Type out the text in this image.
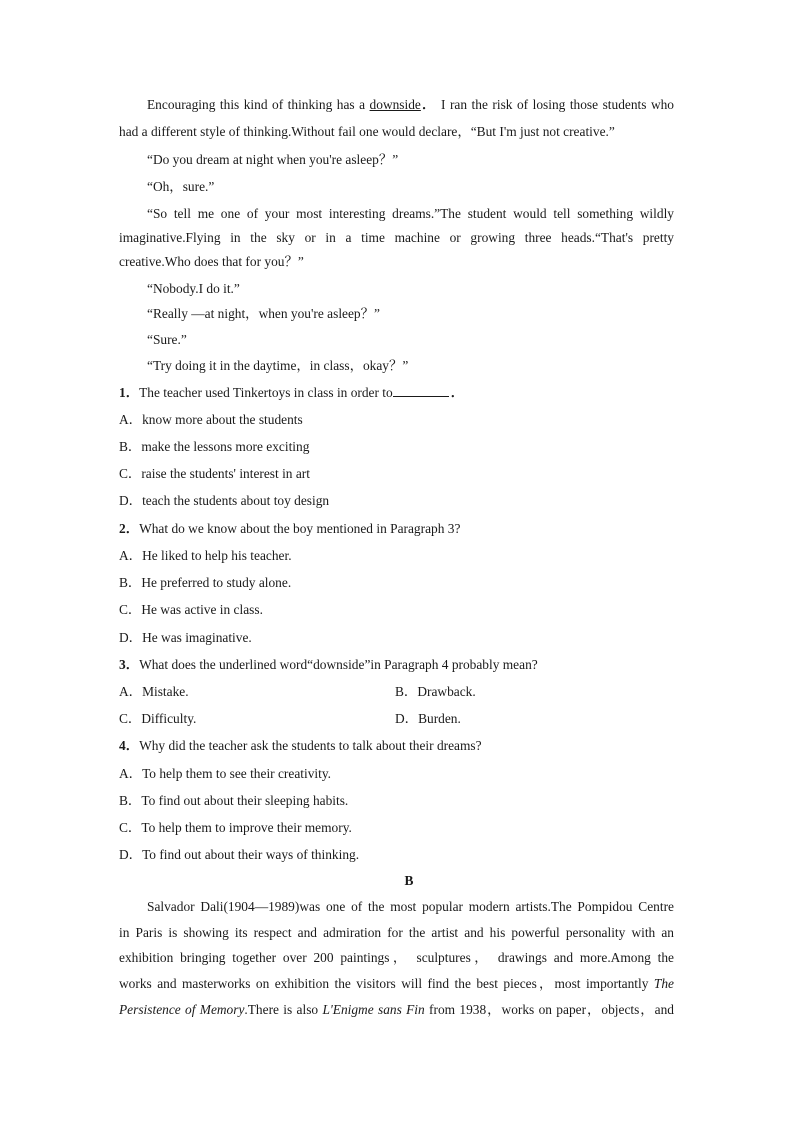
Encouraging this kind of thinking has a downside． I ran the risk of losing those students who
had a different style of thinking.Without fail one would declare，“But I'm just not creative.”
“Do you dream at night when you're asleep？”
“Oh，sure.”
“So tell me one of your most interesting dreams.”The student would tell something wildly
imaginative.Flying in the sky or in a time machine or growing three heads.“That's pretty
creative.Who does that for you？”
“Nobody.I do it.”
“Really —at night，when you're asleep？”
“Sure.”
“Try doing it in the daytime，in class，okay？”
1．The teacher used Tinkertoys in class in order to	．
A．know more about the students
B．make the lessons more exciting
C．raise the students' interest in art
D．teach the students about toy design
2．What do we know about the boy mentioned in Paragraph 3?
A．He liked to help his teacher.
B．He preferred to study alone.
C．He was active in class.
D．He was imaginative.
3．What does the underlined word“downside”in Paragraph 4 probably mean?
A．Mistake.	B．Drawback.
C．Difficulty.	D．Burden.
4．Why did the teacher ask the students to talk about their dreams?
A．To help them to see their creativity.
B．To find out about their sleeping habits.
C．To help them to improve their memory.
D．To find out about their ways of thinking.
B
Salvador Dali(1904—1989)was one of the most popular modern artists.The Pompidou Centre
in Paris is showing its respect and admiration for the artist and his powerful personality with an
exhibition bringing together over 200 paintings， sculptures， drawings and more.Among the
works and masterworks on exhibition the visitors will find the best pieces，most importantly The
Persistence of Memory.There is also L'Enigme sans Fin from 1938，works on paper，objects，and
